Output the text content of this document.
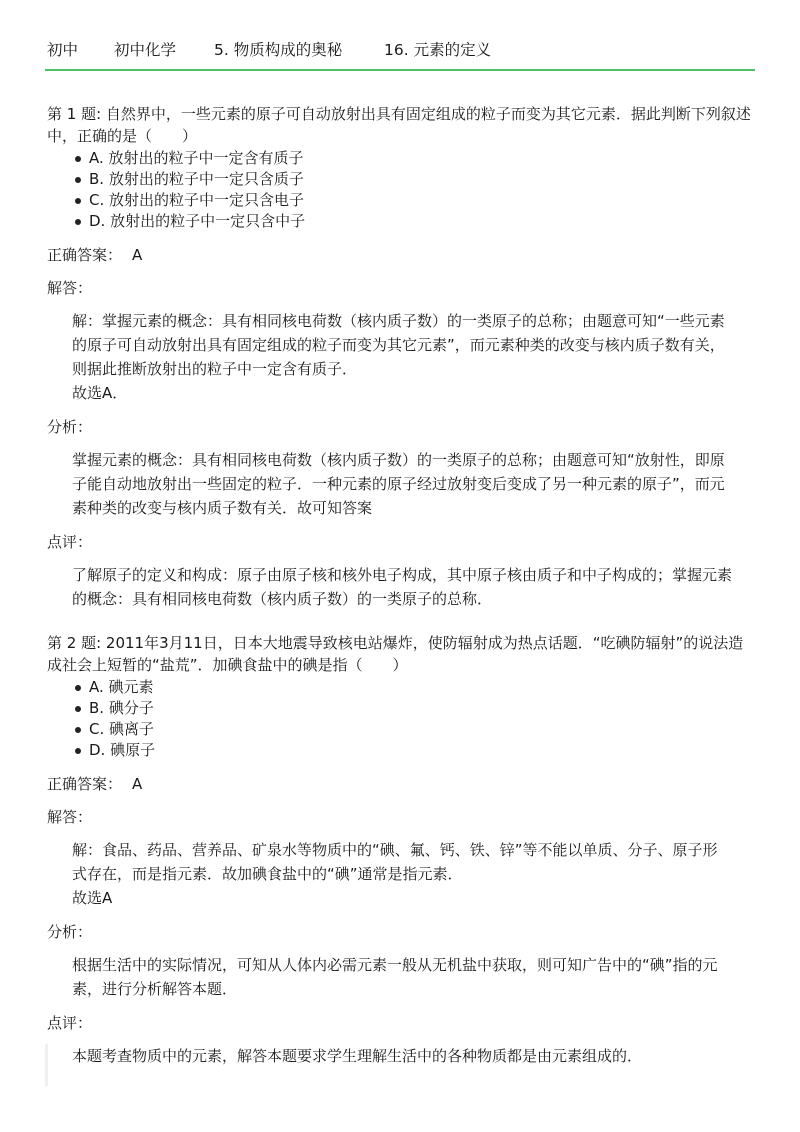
初中	初中化学	5. 物质构成的奥秘	16. 元素的定义

第 1 题: 自然界中，一些元素的原子可自动放射出具有固定组成的粒子而变为其它元素．据此判断下列叙述中，正确的是（　　）

A. 放射出的粒子中一定含有质子
B. 放射出的粒子中一定只含质子
C. 放射出的粒子中一定只含电子
D. 放射出的粒子中一定只含中子
正确答案： A
解答：

解：掌握元素的概念：具有相同核电荷数（核内质子数）的一类原子的总称；由题意可知“一些元素的原子可自动放射出具有固定组成的粒子而变为其它元素”，而元素种类的改变与核内质子数有关，则据此推断放射出的粒子中一定含有质子．

故选A．

分析：

掌握元素的概念：具有相同核电荷数（核内质子数）的一类原子的总称；由题意可知“放射性，即原子能自动地放射出一些固定的粒子．一种元素的原子经过放射变后变成了另一种元素的原子”，而元素种类的改变与核内质子数有关．故可知答案

点评：

了解原子的定义和构成：原子由原子核和核外电子构成，其中原子核由质子和中子构成的；掌握元素的概念：具有相同核电荷数（核内质子数）的一类原子的总称．

第 2 题: 2011年3月11日，日本大地震导致核电站爆炸，使防辐射成为热点话题．“吃碘防辐射”的说法造成社会上短暂的“盐荒”．加碘食盐中的碘是指（　　）

A. 碘元素
B. 碘分子
C. 碘离子
D. 碘原子
正确答案： A
解答：

解：食品、药品、营养品、矿泉水等物质中的“碘、氟、钙、铁、锌”等不能以单质、分子、原子形式存在，而是指元素．故加碘食盐中的“碘”通常是指元素．

故选A

分析：

根据生活中的实际情况，可知从人体内必需元素一般从无机盐中获取，则可知广告中的“碘”指的元素，进行分析解答本题．

点评：

本题考查物质中的元素，解答本题要求学生理解生活中的各种物质都是由元素组成的．
